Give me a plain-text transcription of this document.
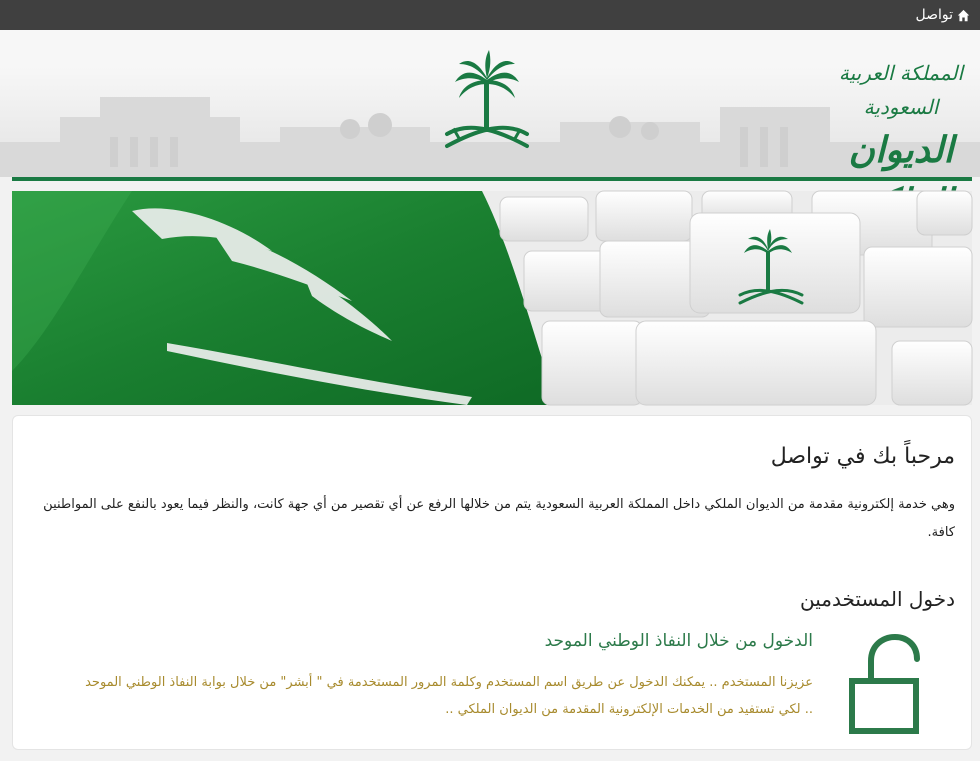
تواصل
المملكة العربية السعودية
الديوان
مرحباً بك في تواصل

وهي خدمة إلكترونية مقدمة من الديوان الملكي داخل المملكة العربية السعودية يتم من خلالها الرفع عن أي تقصير من أي جهة كانت، والنظر فيما يعود بالنفع على المواطنين كافة.

دخول المستخدمين
الدخول من خلال النفاذ الوطني الموحد
عزيزنا المستخدم .. يمكنك الدخول عن طريق اسم المستخدم وكلمة المرور المستخدمة في " أبشر" من خلال بوابة النفاذ الوطني الموحد
.. لكي تستفيد من الخدمات الإلكترونية المقدمة من الديوان الملكي ..
